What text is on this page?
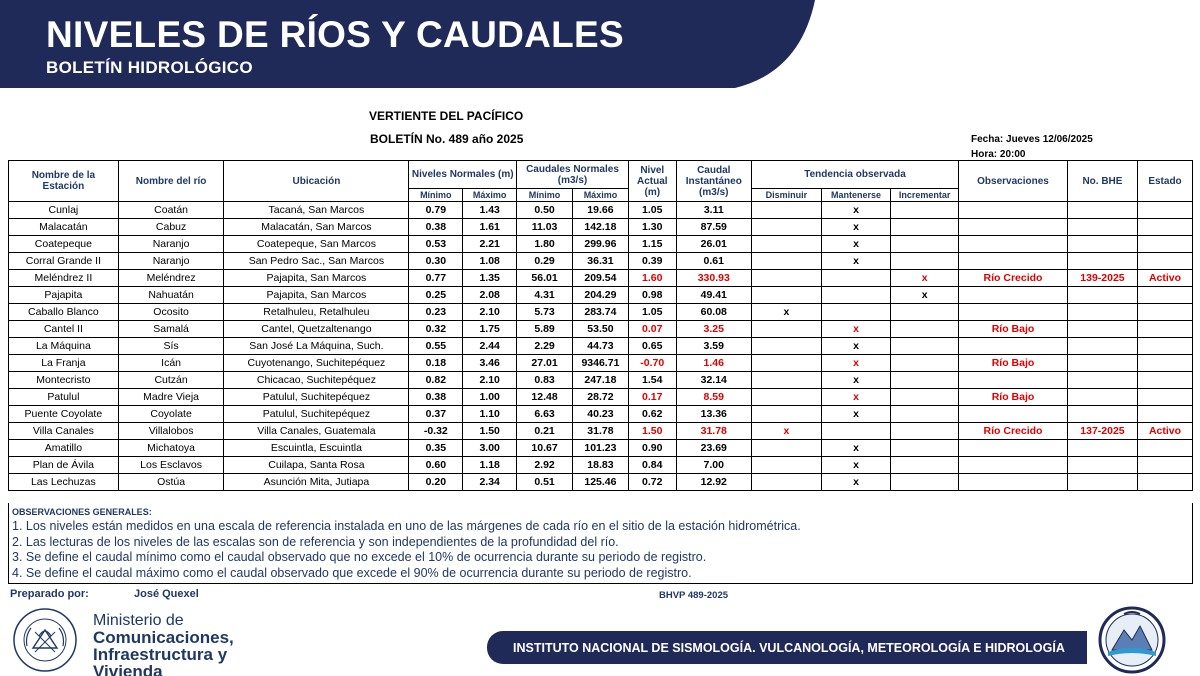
NIVELES DE RÍOS Y CAUDALES
BOLETÍN HIDROLÓGICO
VERTIENTE DEL PACÍFICO
BOLETÍN No. 489 año 2025	Fecha: Jueves 12/06/2025
Hora: 20:00
Nombre de la Estación	Nombre del río	Ubicación	Niveles Normales (m)		Caudales Normales (m3/s)		Nivel Actual (m)	Caudal Instantáneo (m3/s)	Tendencia observada			Observaciones	No. BHE	Estado
			Mínimo	Máximo	Mínimo	Máximo			Disminuir	Mantenerse	Incrementar			
Cunlaj	Coatán	Tacaná, San Marcos	0.79	1.43	0.50	19.66	1.05	3.11		x				
Malacatán	Cabuz	Malacatán, San Marcos	0.38	1.61	11.03	142.18	1.30	87.59		x				
Coatepeque	Naranjo	Coatepeque, San Marcos	0.53	2.21	1.80	299.96	1.15	26.01		x				
Corral Grande II	Naranjo	San Pedro Sac., San Marcos	0.30	1.08	0.29	36.31	0.39	0.61		x				
Meléndrez II	Meléndrez	Pajapita, San Marcos	0.77	1.35	56.01	209.54	1.60	330.93			x	Río Crecido	139-2025	Activo
Pajapita	Nahuatán	Pajapita, San Marcos	0.25	2.08	4.31	204.29	0.98	49.41			x			
Caballo Blanco	Ocosito	Retalhuleu, Retalhuleu	0.23	2.10	5.73	283.74	1.05	60.08	x					
Cantel II	Samalá	Cantel, Quetzaltenango	0.32	1.75	5.89	53.50	0.07	3.25		x		Río Bajo		
La Máquina	Sís	San José La Máquina, Such.	0.55	2.44	2.29	44.73	0.65	3.59		x				
La Franja	Icán	Cuyotenango, Suchitepéquez	0.18	3.46	27.01	9346.71	-0.70	1.46		x		Río Bajo		
Montecristo	Cutzán	Chicacao, Suchitepéquez	0.82	2.10	0.83	247.18	1.54	32.14		x				
Patulul	Madre Vieja	Patulul, Suchitepéquez	0.38	1.00	12.48	28.72	0.17	8.59		x		Río Bajo		
Puente Coyolate	Coyolate	Patulul, Suchitepéquez	0.37	1.10	6.63	40.23	0.62	13.36		x				
Villa Canales	Villalobos	Villa Canales, Guatemala	-0.32	1.50	0.21	31.78	1.50	31.78	x			Río Crecido	137-2025	Activo
Amatillo	Michatoya	Escuintla, Escuintla	0.35	3.00	10.67	101.23	0.90	23.69		x				
Plan de Ávila	Los Esclavos	Cuilapa, Santa Rosa	0.60	1.18	2.92	18.83	0.84	7.00		x				
Las Lechuzas	Ostúa	Asunción Mita, Jutiapa	0.20	2.34	0.51	125.46	0.72	12.92		x				
OBSERVACIONES GENERALES:
1. Los niveles están medidos en una escala de referencia instalada en uno de las márgenes de cada río en el sitio de la estación hidrométrica.
2. Las lecturas de los niveles de las escalas son de referencia y son independientes de la profundidad del río.
3. Se define el caudal mínimo como el caudal observado que no excede el 10% de ocurrencia durante su periodo de registro.
4. Se define el caudal máximo como el caudal observado que excede el 90% de ocurrencia durante su periodo de registro.
Preparado por:	José Quexel	BHVP 489-2025
Ministerio de
Comunicaciones,
Infraestructura y
Vivienda
INSTITUTO NACIONAL DE SISMOLOGÍA. VULCANOLOGÍA, METEOROLOGÍA E HIDROLOGÍA
